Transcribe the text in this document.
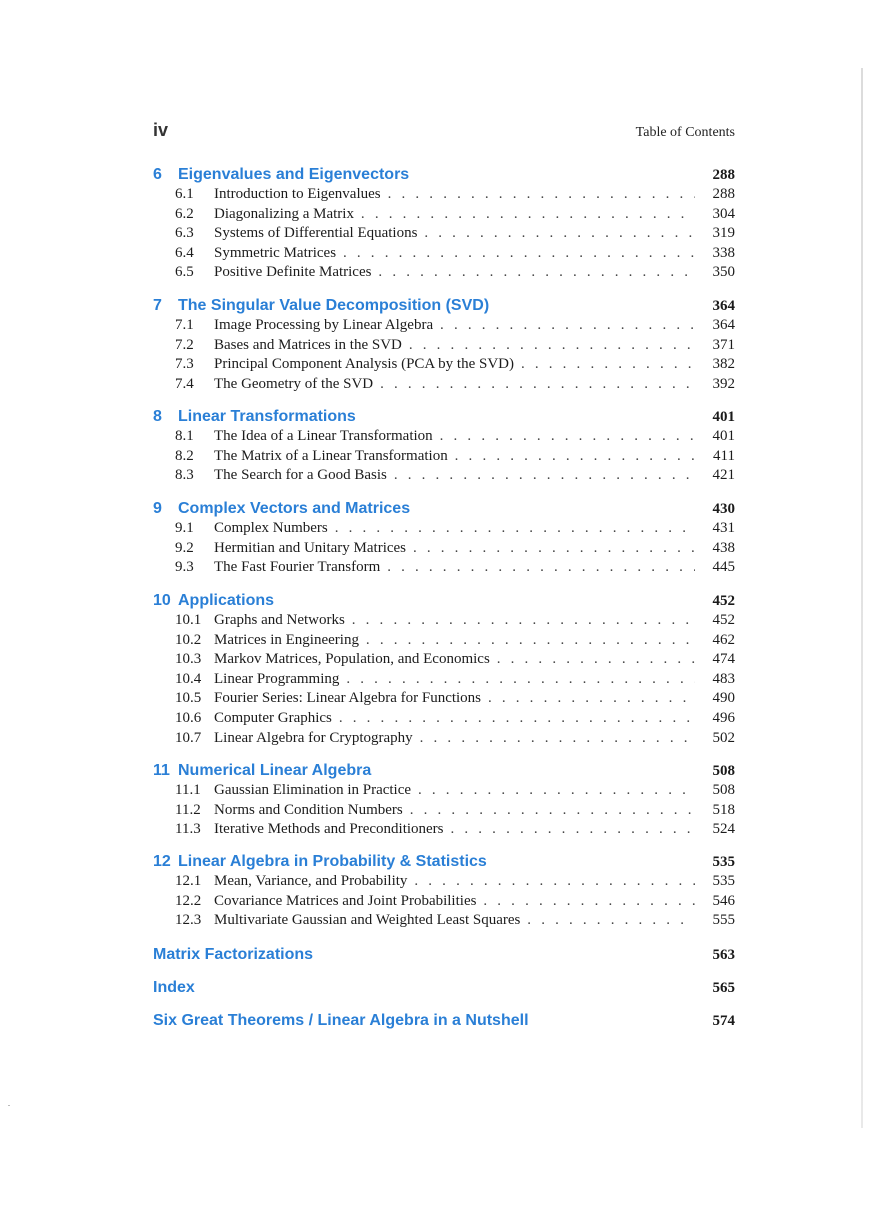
iv	Table of Contents
6 Eigenvalues and Eigenvectors	288
6.1 Introduction to Eigenvalues . . .	288
6.2 Diagonalizing a Matrix . . .	304
6.3 Systems of Differential Equations . . .	319
6.4 Symmetric Matrices . . .	338
6.5 Positive Definite Matrices . . .	350
7 The Singular Value Decomposition (SVD)	364
7.1 Image Processing by Linear Algebra . . .	364
7.2 Bases and Matrices in the SVD . . .	371
7.3 Principal Component Analysis (PCA by the SVD) . . .	382
7.4 The Geometry of the SVD . . .	392
8 Linear Transformations	401
8.1 The Idea of a Linear Transformation . . .	401
8.2 The Matrix of a Linear Transformation . . .	411
8.3 The Search for a Good Basis . . .	421
9 Complex Vectors and Matrices	430
9.1 Complex Numbers . . .	431
9.2 Hermitian and Unitary Matrices . . .	438
9.3 The Fast Fourier Transform . . .	445
10 Applications	452
10.1 Graphs and Networks . . .	452
10.2 Matrices in Engineering . . .	462
10.3 Markov Matrices, Population, and Economics . . .	474
10.4 Linear Programming . . .	483
10.5 Fourier Series: Linear Algebra for Functions . . .	490
10.6 Computer Graphics . . .	496
10.7 Linear Algebra for Cryptography . . .	502
11 Numerical Linear Algebra	508
11.1 Gaussian Elimination in Practice . . .	508
11.2 Norms and Condition Numbers . . .	518
11.3 Iterative Methods and Preconditioners . . .	524
12 Linear Algebra in Probability & Statistics	535
12.1 Mean, Variance, and Probability . . .	535
12.2 Covariance Matrices and Joint Probabilities . . .	546
12.3 Multivariate Gaussian and Weighted Least Squares . . .	555
Matrix Factorizations	563
Index	565
Six Great Theorems / Linear Algebra in a Nutshell	574
